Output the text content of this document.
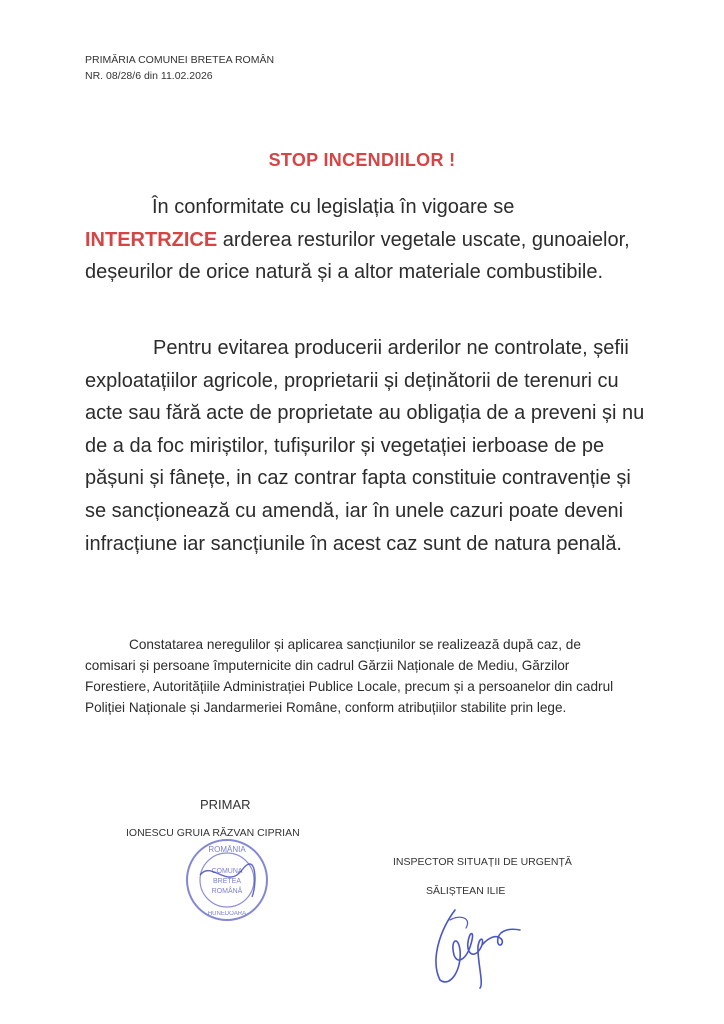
PRIMĂRIA COMUNEI BRETEA ROMÂN
NR. 08/28/6 din 11.02.2026
STOP INCENDIILOR !
În conformitate cu legislația în vigoare se INTERTRZICE arderea resturilor vegetale uscate, gunoaielor, deșeurilor de orice natură și a altor materiale combustibile.
Pentru evitarea producerii arderilor ne controlate, șefii exploatațiilor agricole, proprietarii și deținătorii de terenuri cu acte sau fără acte de proprietate au obligația de a preveni și nu de a da foc miriștilor, tufișurilor și vegetației ierboase de pe pășuni și fânețe, in caz contrar fapta constituie contravenție și se sancționează cu amendă, iar în unele cazuri poate deveni infracțiune iar sancțiunile în acest caz sunt de natura penală.
Constatarea neregulilor și aplicarea sancțiunilor se realizează după caz, de comisari și persoane împuternicite din cadrul Gărzii Naționale de Mediu, Gărzilor Forestiere, Autoritățiile Administrației Publice Locale, precum și a persoanelor din cadrul Poliției Naționale și Jandarmeriei Române, conform atribuțiilor stabilite prin lege.
PRIMAR
IONESCU GRUIA RĂZVAN CIPRIAN
ROMÂNIA
COMUNA
BRETEA
ROMÂNĂ
HUNEDOARA
INSPECTOR SITUAȚII DE URGENȚĂ
SĂLIȘTEAN ILIE
